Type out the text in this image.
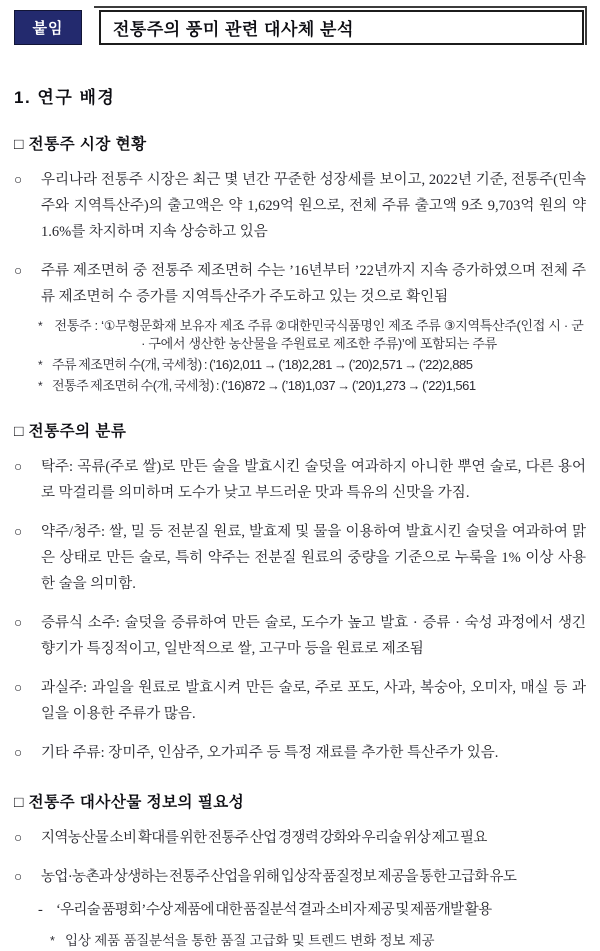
붙임	전통주의 풍미 관련 대사체 분석
1. 연구 배경
□ 전통주 시장 현황
○	우리나라 전통주 시장은 최근 몇 년간 꾸준한 성장세를 보이고, 2022년 기준, 전통주(민속주와 지역특산주)의 출고액은 약 1,629억 원으로, 전체 주류 출고액 9조 9,703억 원의 약 1.6%를 차지하며 지속 상승하고 있음

○	주류 제조면허 중 전통주 제조면허 수는 ’16년부터 ’22년까지 지속 증가하였으며 전체 주류 제조면허 수 증가를 지역특산주가 주도하고 있는 것으로 확인됨

* 전통주 : ‘①무형문화재 보유자 제조 주류 ②대한민국식품명인 제조 주류 ③지역특산주(인접 시 · 군 · 구에서 생산한 농산물을 주원료로 제조한 주류)’에 포함되는 주류

* 주류 제조면허 수(개, 국세청) : (’16)2,011 → (’18)2,281 → (’20)2,571 → (’22)2,885

* 전통주 제조면허 수(개, 국세청) : (’16)872 → (’18)1,037 → (’20)1,273 → (’22)1,561

□ 전통주의 분류
○	탁주: 곡류(주로 쌀)로 만든 술을 발효시킨 술덧을 여과하지 아니한 뿌연 술로, 다른 용어로 막걸리를 의미하며 도수가 낮고 부드러운 맛과 특유의 신맛을 가짐.

○	약주/청주: 쌀, 밀 등 전분질 원료, 발효제 및 물을 이용하여 발효시킨 술덧을 여과하여 맑은 상태로 만든 술로, 특히 약주는 전분질 원료의 중량을 기준으로 누룩을 1% 이상 사용한 술을 의미함.

○	증류식 소주: 술덧을 증류하여 만든 술로, 도수가 높고 발효 · 증류 · 숙성 과정에서 생긴 향기가 특징적이고, 일반적으로 쌀, 고구마 등을 원료로 제조됨

○	과실주: 과일을 원료로 발효시켜 만든 술로, 주로 포도, 사과, 복숭아, 오미자, 매실 등 과일을 이용한 주류가 많음.

○	기타 주류: 장미주, 인삼주, 오가피주 등 특정 재료를 추가한 특산주가 있음.

□ 전통주 대사산물 정보의 필요성
○	지역농산물 소비 확대를 위한 전통주 산업 경쟁력 강화와 우리술 위상 제고 필요

○	농업·농촌과 상생하는 전통주 산업을 위해 입상작 품질정보 제공을 통한 고급화 유도

- ‘우리술 품평회’ 수상 제품에 대한 품질분석 결과 소비자 제공 및 제품개발 활용

* 입상 제품 품질분석을 통한 품질 고급화 및 트렌드 변화 정보 제공
